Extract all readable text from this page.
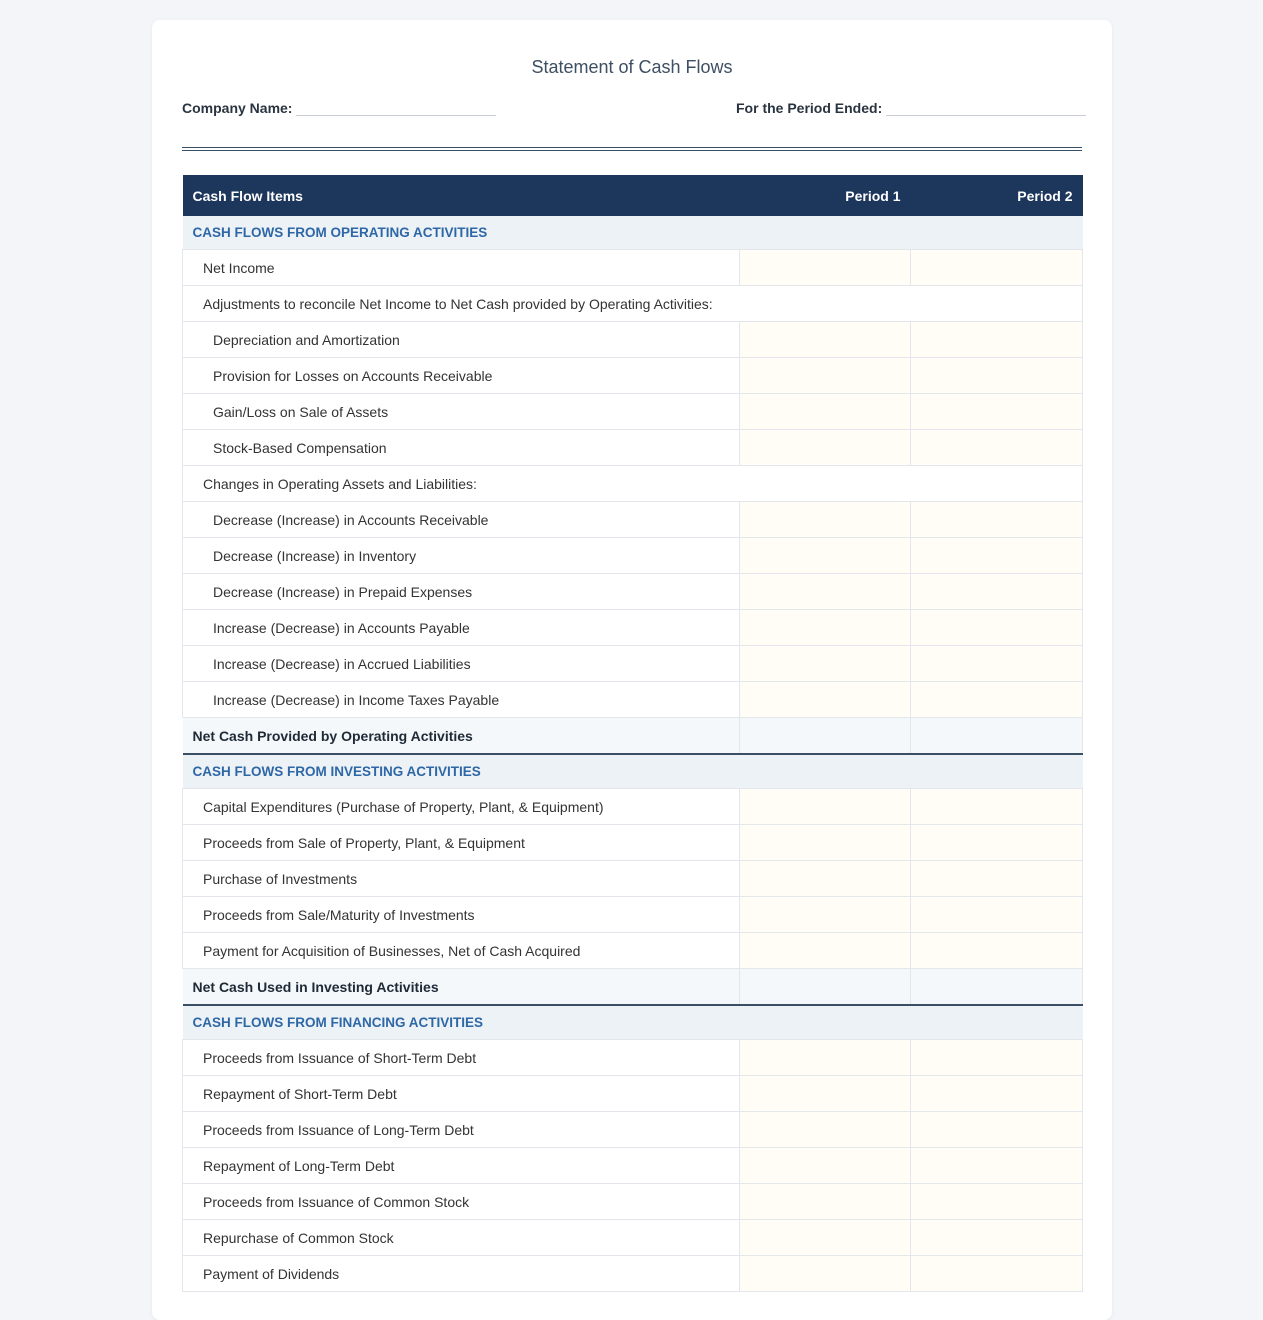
Statement of Cash Flows
Company Name:	For the Period Ended:
Cash Flow Items	Period 1	Period 2
CASH FLOWS FROM OPERATING ACTIVITIES		
Net Income		
Adjustments to reconcile Net Income to Net Cash provided by Operating Activities:		
Depreciation and Amortization		
Provision for Losses on Accounts Receivable		
Gain/Loss on Sale of Assets		
Stock-Based Compensation		
Changes in Operating Assets and Liabilities:		
Decrease (Increase) in Accounts Receivable		
Decrease (Increase) in Inventory		
Decrease (Increase) in Prepaid Expenses		
Increase (Decrease) in Accounts Payable		
Increase (Decrease) in Accrued Liabilities		
Increase (Decrease) in Income Taxes Payable		
Net Cash Provided by Operating Activities		
CASH FLOWS FROM INVESTING ACTIVITIES		
Capital Expenditures (Purchase of Property, Plant, & Equipment)		
Proceeds from Sale of Property, Plant, & Equipment		
Purchase of Investments		
Proceeds from Sale/Maturity of Investments		
Payment for Acquisition of Businesses, Net of Cash Acquired		
Net Cash Used in Investing Activities		
CASH FLOWS FROM FINANCING ACTIVITIES		
Proceeds from Issuance of Short-Term Debt		
Repayment of Short-Term Debt		
Proceeds from Issuance of Long-Term Debt		
Repayment of Long-Term Debt		
Proceeds from Issuance of Common Stock		
Repurchase of Common Stock		
Payment of Dividends		
